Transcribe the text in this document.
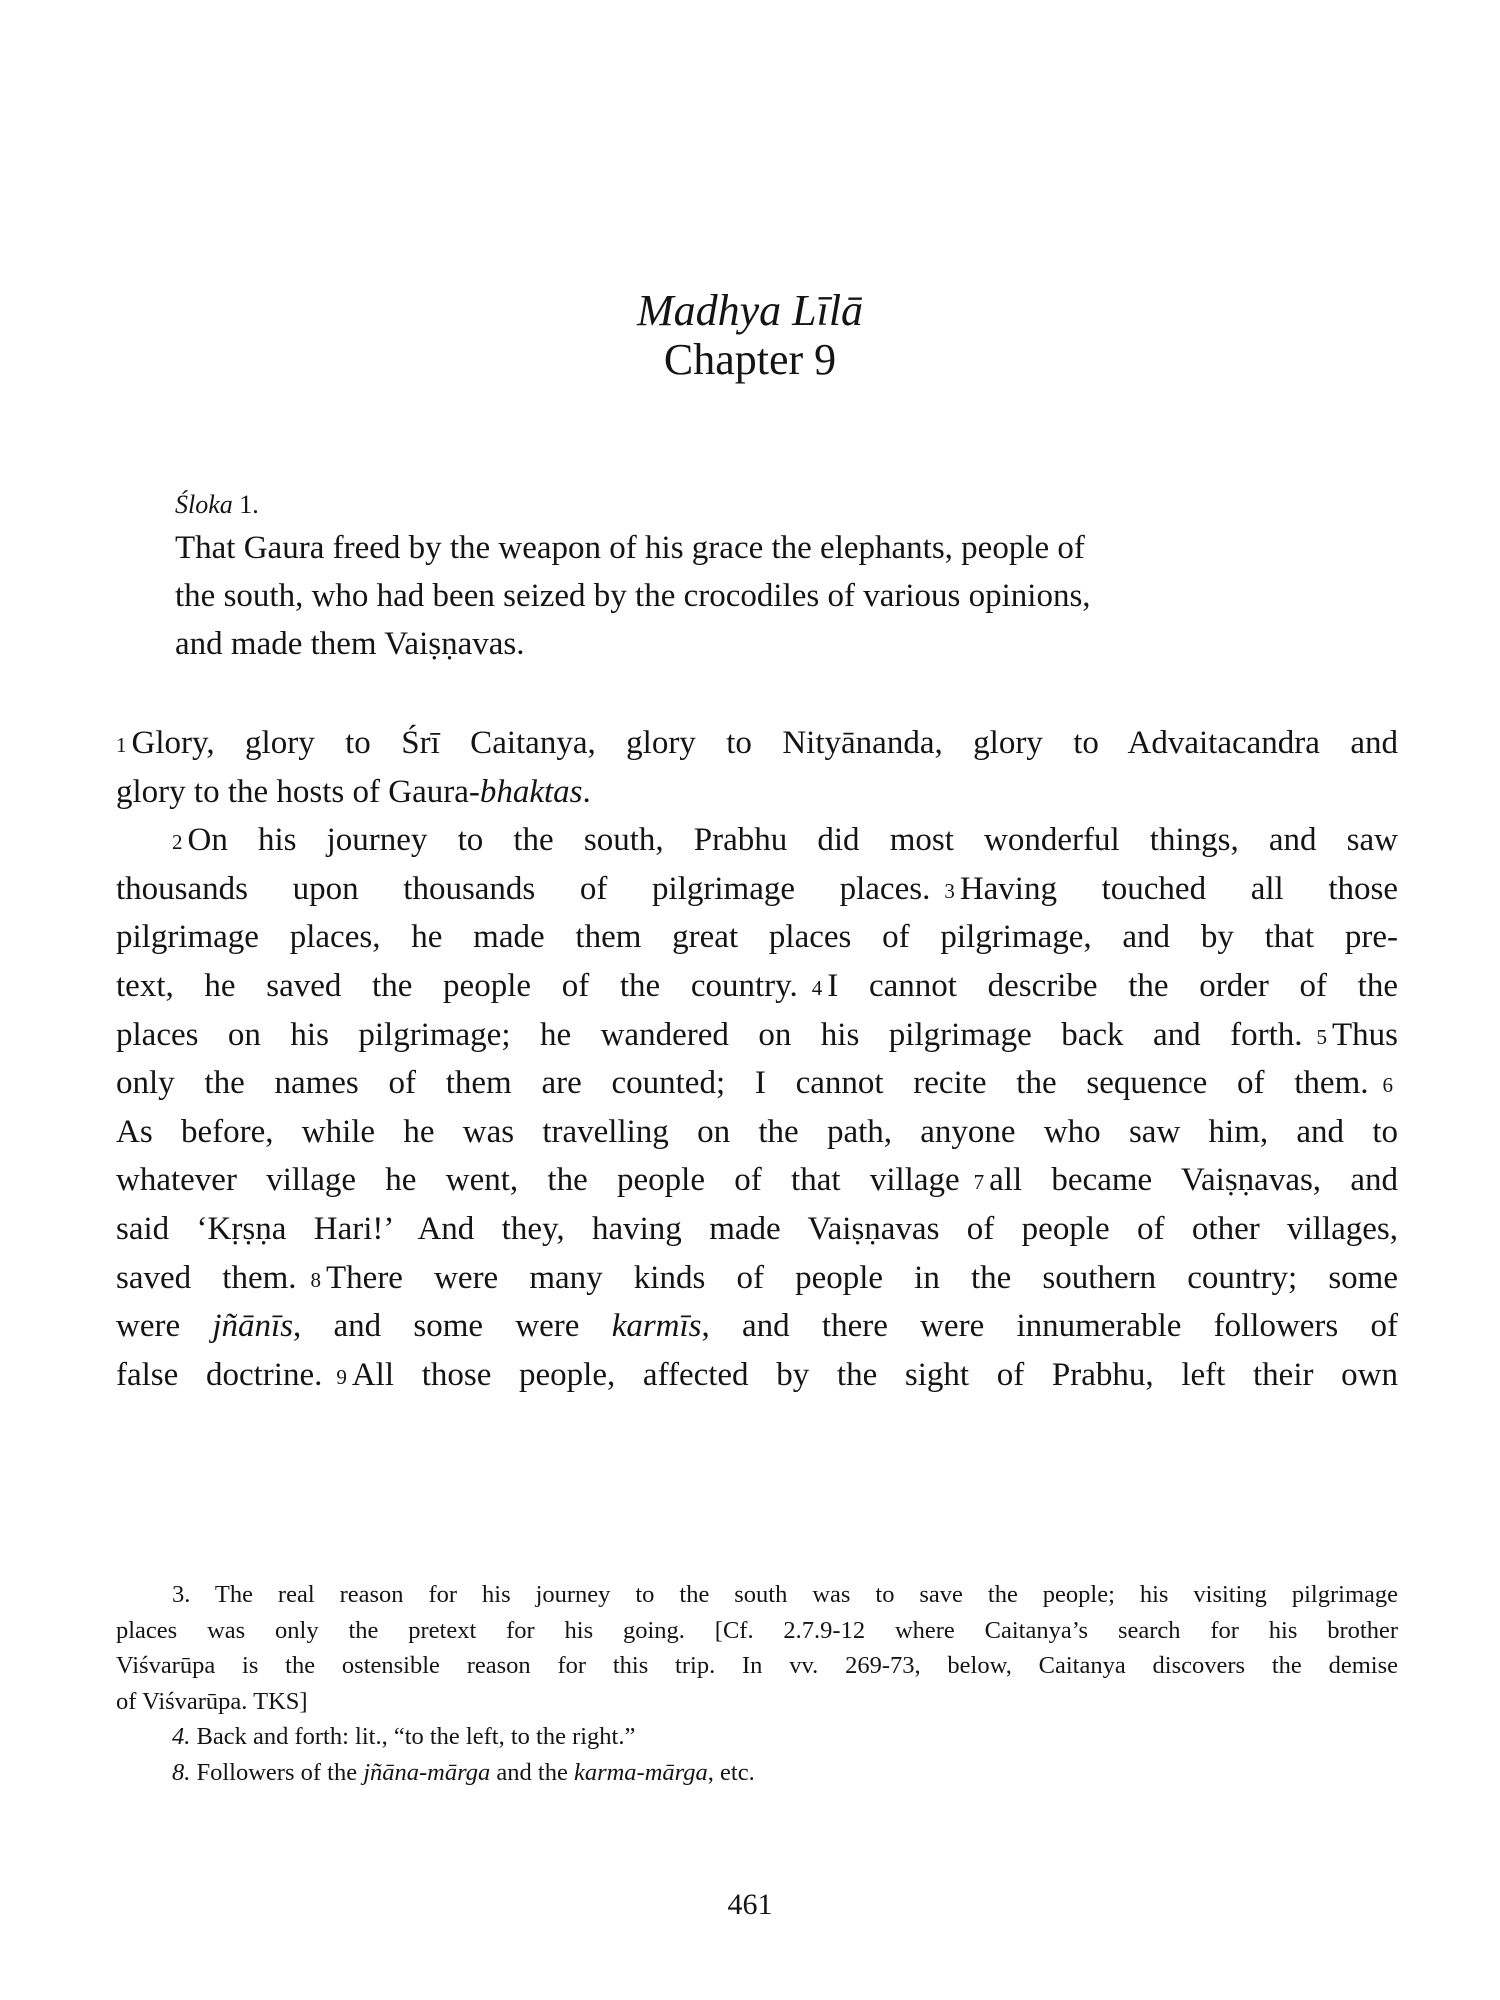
Madhya Līlā
Chapter 9
Śloka 1.
That Gaura freed by the weapon of his grace the elephants, people of
the south, who had been seized by the crocodiles of various opinions,
and made them Vaiṣṇavas.
1 Glory, glory to Śrī Caitanya, glory to Nityānanda, glory to Advaitacandra and
glory to the hosts of Gaura-bhaktas.
2 On his journey to the south, Prabhu did most wonderful things, and saw
thousands upon thousands of pilgrimage places. 3 Having touched all those
pilgrimage places, he made them great places of pilgrimage, and by that pre-
text, he saved the people of the country. 4 I cannot describe the order of the
places on his pilgrimage; he wandered on his pilgrimage back and forth. 5 Thus
only the names of them are counted; I cannot recite the sequence of them. 6
As before, while he was travelling on the path, anyone who saw him, and to
whatever village he went, the people of that village 7 all became Vaiṣṇavas, and
said ‘Kṛṣṇa Hari!’ And they, having made Vaiṣṇavas of people of other villages,
saved them. 8 There were many kinds of people in the southern country; some
were jñānīs, and some were karmīs, and there were innumerable followers of
false doctrine. 9 All those people, affected by the sight of Prabhu, left their own
3. The real reason for his journey to the south was to save the people; his visiting pilgrimage
places was only the pretext for his going. [Cf. 2.7.9-12 where Caitanya’s search for his brother
Viśvarūpa is the ostensible reason for this trip. In vv. 269-73, below, Caitanya discovers the demise
of Viśvarūpa. TKS]
4. Back and forth: lit., “to the left, to the right.”
8. Followers of the jñāna-mārga and the karma-mārga, etc.
461
